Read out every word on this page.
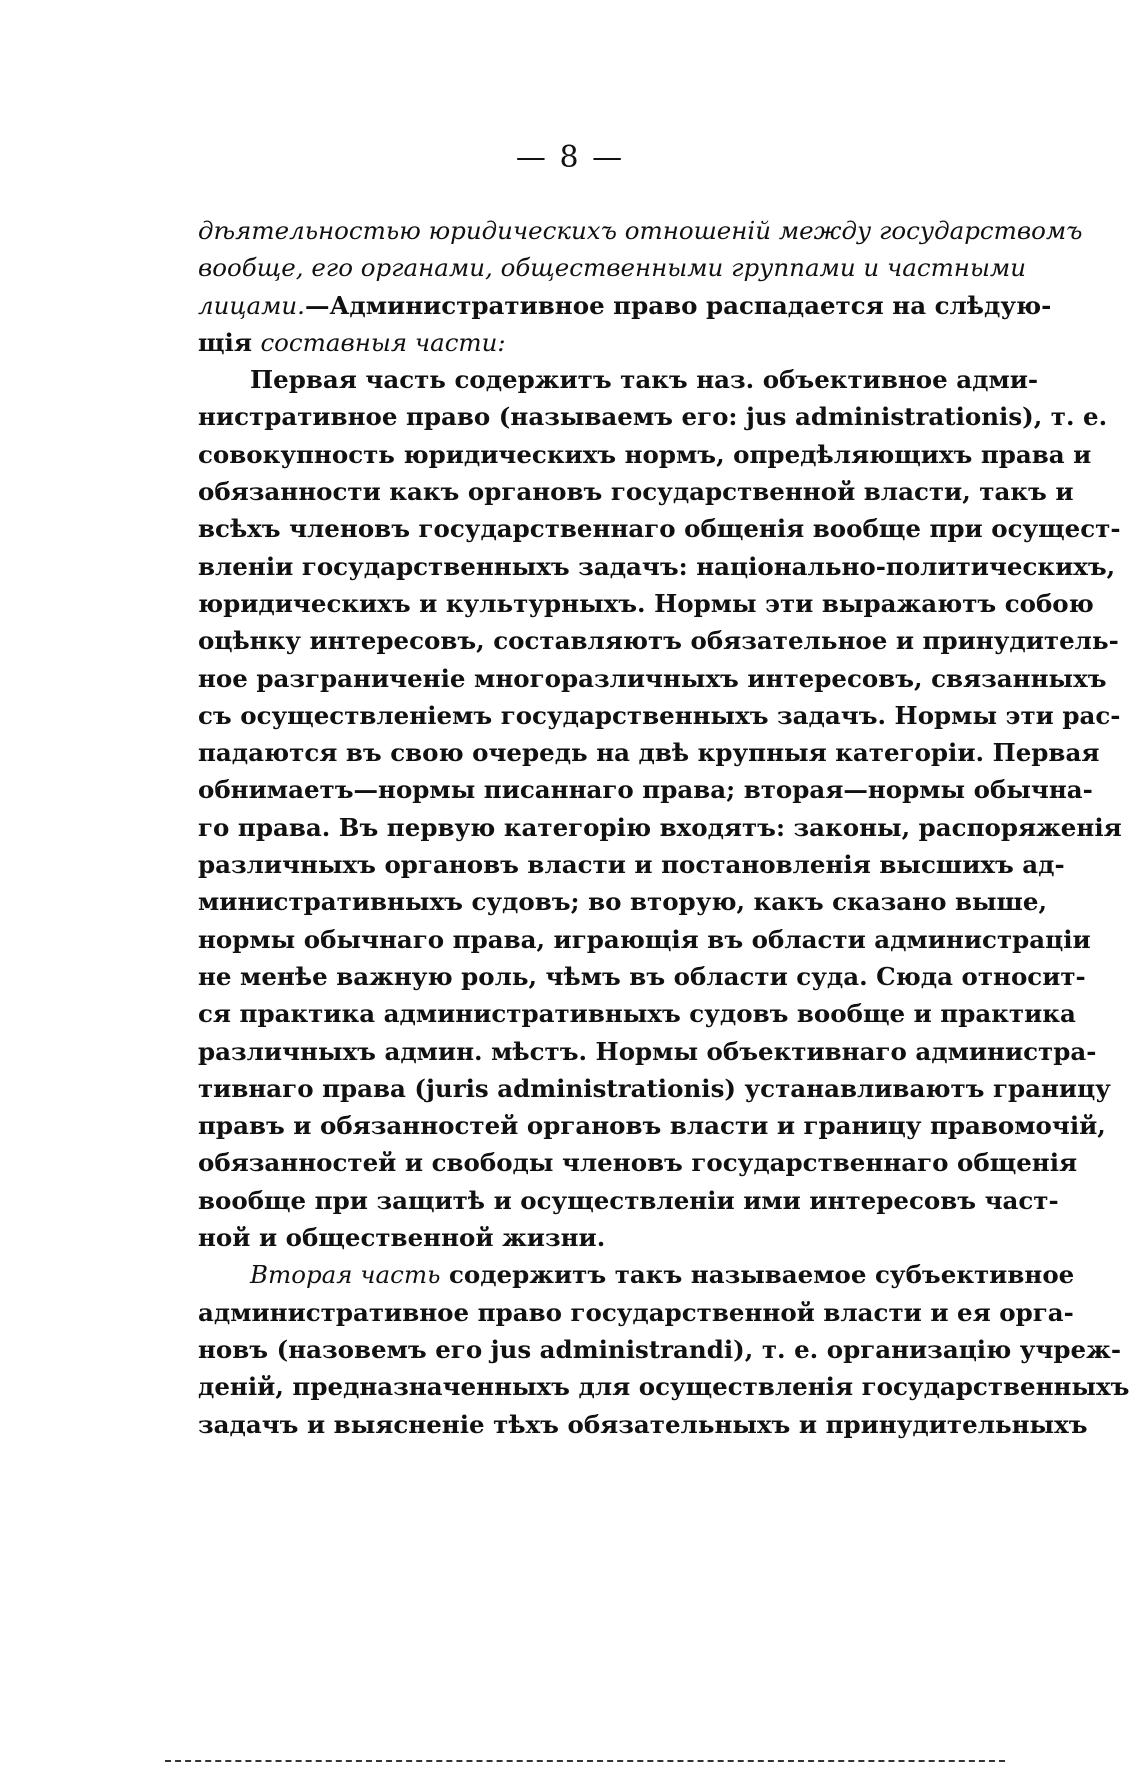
— 8 —
дѣятельностью юридическихъ отношеній между государствомъ
вообще, его органами, общественными группами и частными
лицами.—Административное право распадается на слѣдую-
щія составныя части:
Первая часть содержитъ такъ наз. объективное адми-
нистративное право (называемъ его: jus administrationis), т. е.
совокупность юридическихъ нормъ, опредѣляющихъ права и
обязанности какъ органовъ государственной власти, такъ и
всѣхъ членовъ государственнаго общенія вообще при осущест-
вленіи государственныхъ задачъ: національно-политическихъ,
юридическихъ и культурныхъ. Нормы эти выражаютъ собою
оцѣнку интересовъ, составляютъ обязательное и принудитель-
ное разграниченіе многоразличныхъ интересовъ, связанныхъ
съ осуществленіемъ государственныхъ задачъ. Нормы эти рас-
падаются въ свою очередь на двѣ крупныя категоріи. Первая
обнимаетъ—нормы писаннаго права; вторая—нормы обычна-
го права. Въ первую категорію входятъ: законы, распоряженія
различныхъ органовъ власти и постановленія высшихъ ад-
министративныхъ судовъ; во вторую, какъ сказано выше,
нормы обычнаго права, играющія въ области администраціи
не менѣе важную роль, чѣмъ въ области суда. Сюда относит-
ся практика административныхъ судовъ вообще и практика
различныхъ админ. мѣстъ. Нормы объективнаго администра-
тивнаго права (juris administrationis) устанавливаютъ границу
правъ и обязанностей органовъ власти и границу правомочій,
обязанностей и свободы членовъ государственнаго общенія
вообще при защитѣ и осуществленіи ими интересовъ част-
ной и общественной жизни.
Вторая часть содержитъ такъ называемое субъективное
административное право государственной власти и ея орга-
новъ (назовемъ его jus administrandi), т. е. организацію учреж-
деній, предназначенныхъ для осуществленія государственныхъ
задачъ и выясненіе тѣхъ обязательныхъ и принудительныхъ
